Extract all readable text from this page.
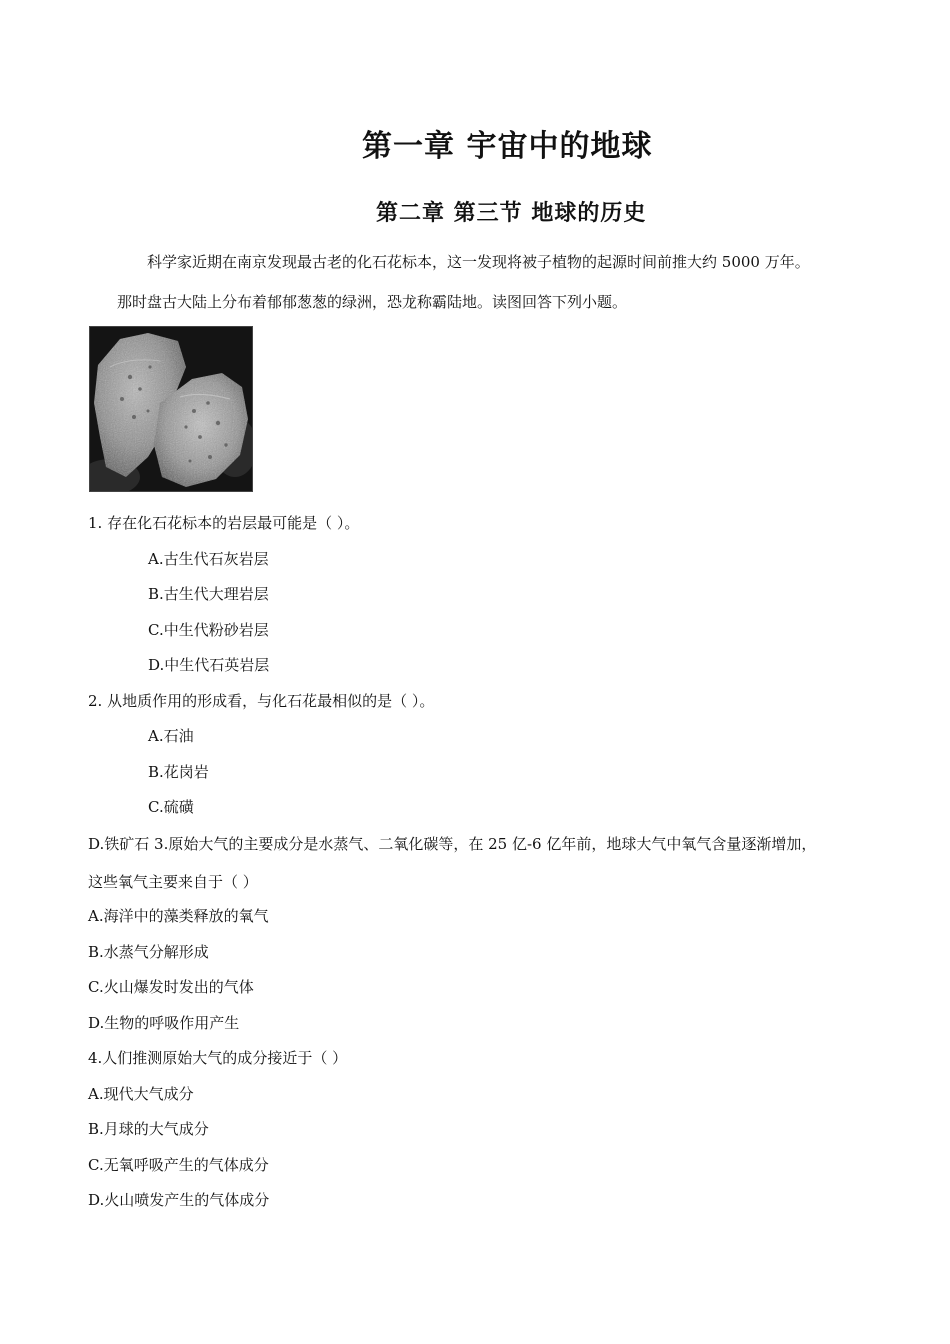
第一章 宇宙中的地球
第二章 第三节 地球的历史
科学家近期在南京发现最古老的化石花标本，这一发现将被子植物的起源时间前推大约 5000 万年。
那时盘古大陆上分布着郁郁葱葱的绿洲，恐龙称霸陆地。读图回答下列小题。
1. 存在化石花标本的岩层最可能是（ ）。
A.古生代石灰岩层
B.古生代大理岩层
C.中生代粉砂岩层
D.中生代石英岩层
2. 从地质作用的形成看，与化石花最相似的是（ ）。
A.石油
B.花岗岩
C.硫磺
D.铁矿石 3.原始大气的主要成分是水蒸气、二氧化碳等，在 25 亿-6 亿年前，地球大气中氧气含量逐渐增加，
这些氧气主要来自于（ ）
A.海洋中的藻类释放的氧气
B.水蒸气分解形成
C.火山爆发时发出的气体
D.生物的呼吸作用产生
4.人们推测原始大气的成分接近于（ ）
A.现代大气成分
B.月球的大气成分
C.无氧呼吸产生的气体成分
D.火山喷发产生的气体成分
